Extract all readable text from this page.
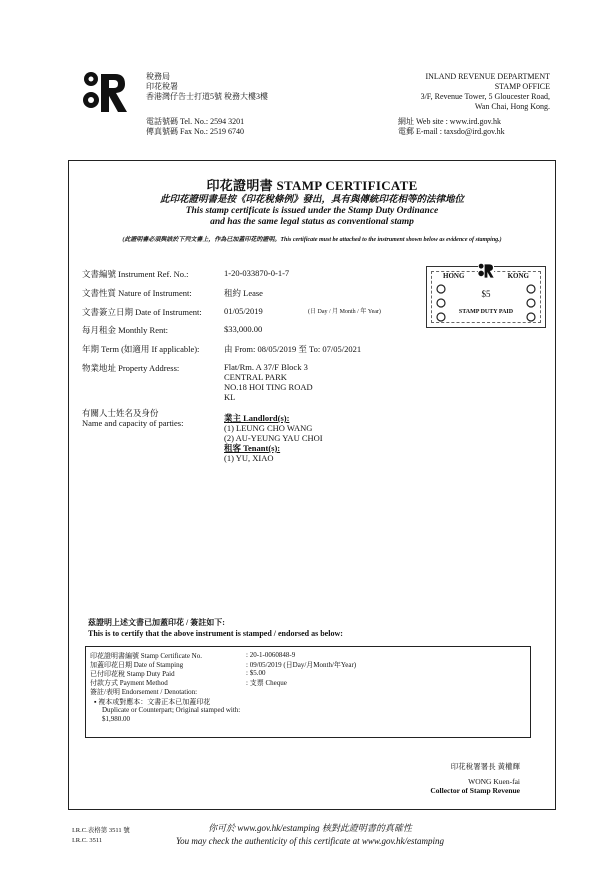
稅務局
印花稅署
香港灣仔告士打道5號 稅務大樓3樓
INLAND REVENUE DEPARTMENT
STAMP OFFICE
3/F, Revenue Tower, 5 Gloucester Road,
Wan Chai, Hong Kong.
電話號碼 Tel. No.: 2594 3201
傳真號碼 Fax No.: 2519 6740
網址 Web site : www.ird.gov.hk
電郵 E-mail : taxsdo@ird.gov.hk
印花證明書 STAMP CERTIFICATE
此印花證明書是按《印花稅條例》發出，具有與傳統印花相等的法律地位
This stamp certificate is issued under the Stamp Duty Ordinance
and has the same legal status as conventional stamp
(此證明書必須與該於下列文書上，作為已加蓋印花的證明。This certificate must be attached to the instrument shown below as evidence of stamping.)
文書編號 Instrument Ref. No.:	1-20-033870-0-1-7
文書性質 Nature of Instrument:	租約 Lease
文書簽立日期 Date of Instrument:	01/05/2019	(日 Day / 月 Month / 年 Year)
每月租金 Monthly Rent:	$33,000.00
年期 Term (如適用 If applicable):	由 From: 08/05/2019 至 To: 07/05/2021
物業地址 Property Address:	Flat/Rm. A 37/F Block 3
CENTRAL PARK
NO.18 HOI TING ROAD
KL
有關人士姓名及身份
Name and capacity of parties:	業主 Landlord(s):
(1) LEUNG CHO WANG
(2) AU-YEUNG YAU CHOI
租客 Tenant(s):
(1) YU, XIAO
HONG	KONG
$5
STAMP DUTY PAID
茲證明上述文書已加蓋印花 / 簽註如下:
This is to certify that the above instrument is stamped / endorsed as below:
印花證明書編號 Stamp Certificate No.	: 20-1-0060848-9
加蓋印花日期 Date of Stamping	: 09/05/2019 (日Day/月Month/年Year)
已付印花稅 Stamp Duty Paid	: $5.00
付款方式 Payment Method	: 支票 Cheque
簽註/表明 Endorsement / Denotation:
▪ 複本或對應本：文書正本已加蓋印花
Duplicate or Counterpart; Original stamped with:
$1,980.00
印花稅署署長 黃權輝
WONG Kuen-fai
Collector of Stamp Revenue
I.R.C.表格第 3511 號
I.R.C. 3511
你可於 www.gov.hk/estamping 核對此證明書的真確性
You may check the authenticity of this certificate at www.gov.hk/estamping
